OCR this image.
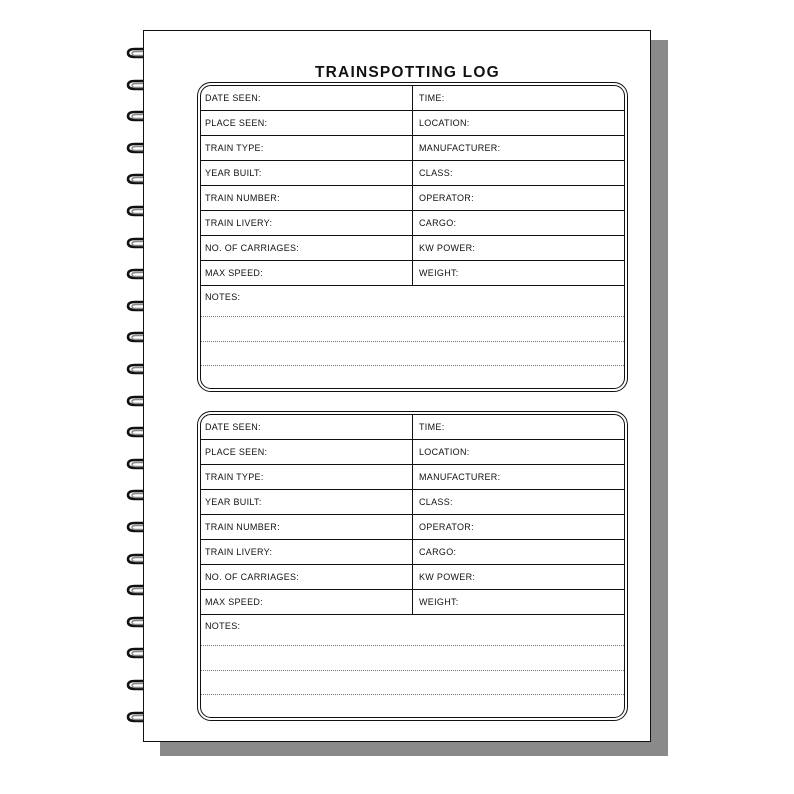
TRAINSPOTTING LOG
DATE SEEN:	TIME:
PLACE SEEN:	LOCATION:
TRAIN TYPE:	MANUFACTURER:
YEAR BUILT:	CLASS:
TRAIN NUMBER:	OPERATOR:
TRAIN LIVERY:	CARGO:
NO. OF CARRIAGES:	KW POWER:
MAX SPEED:	WEIGHT:
NOTES:
DATE SEEN:	TIME:
PLACE SEEN:	LOCATION:
TRAIN TYPE:	MANUFACTURER:
YEAR BUILT:	CLASS:
TRAIN NUMBER:	OPERATOR:
TRAIN LIVERY:	CARGO:
NO. OF CARRIAGES:	KW POWER:
MAX SPEED:	WEIGHT:
NOTES:
